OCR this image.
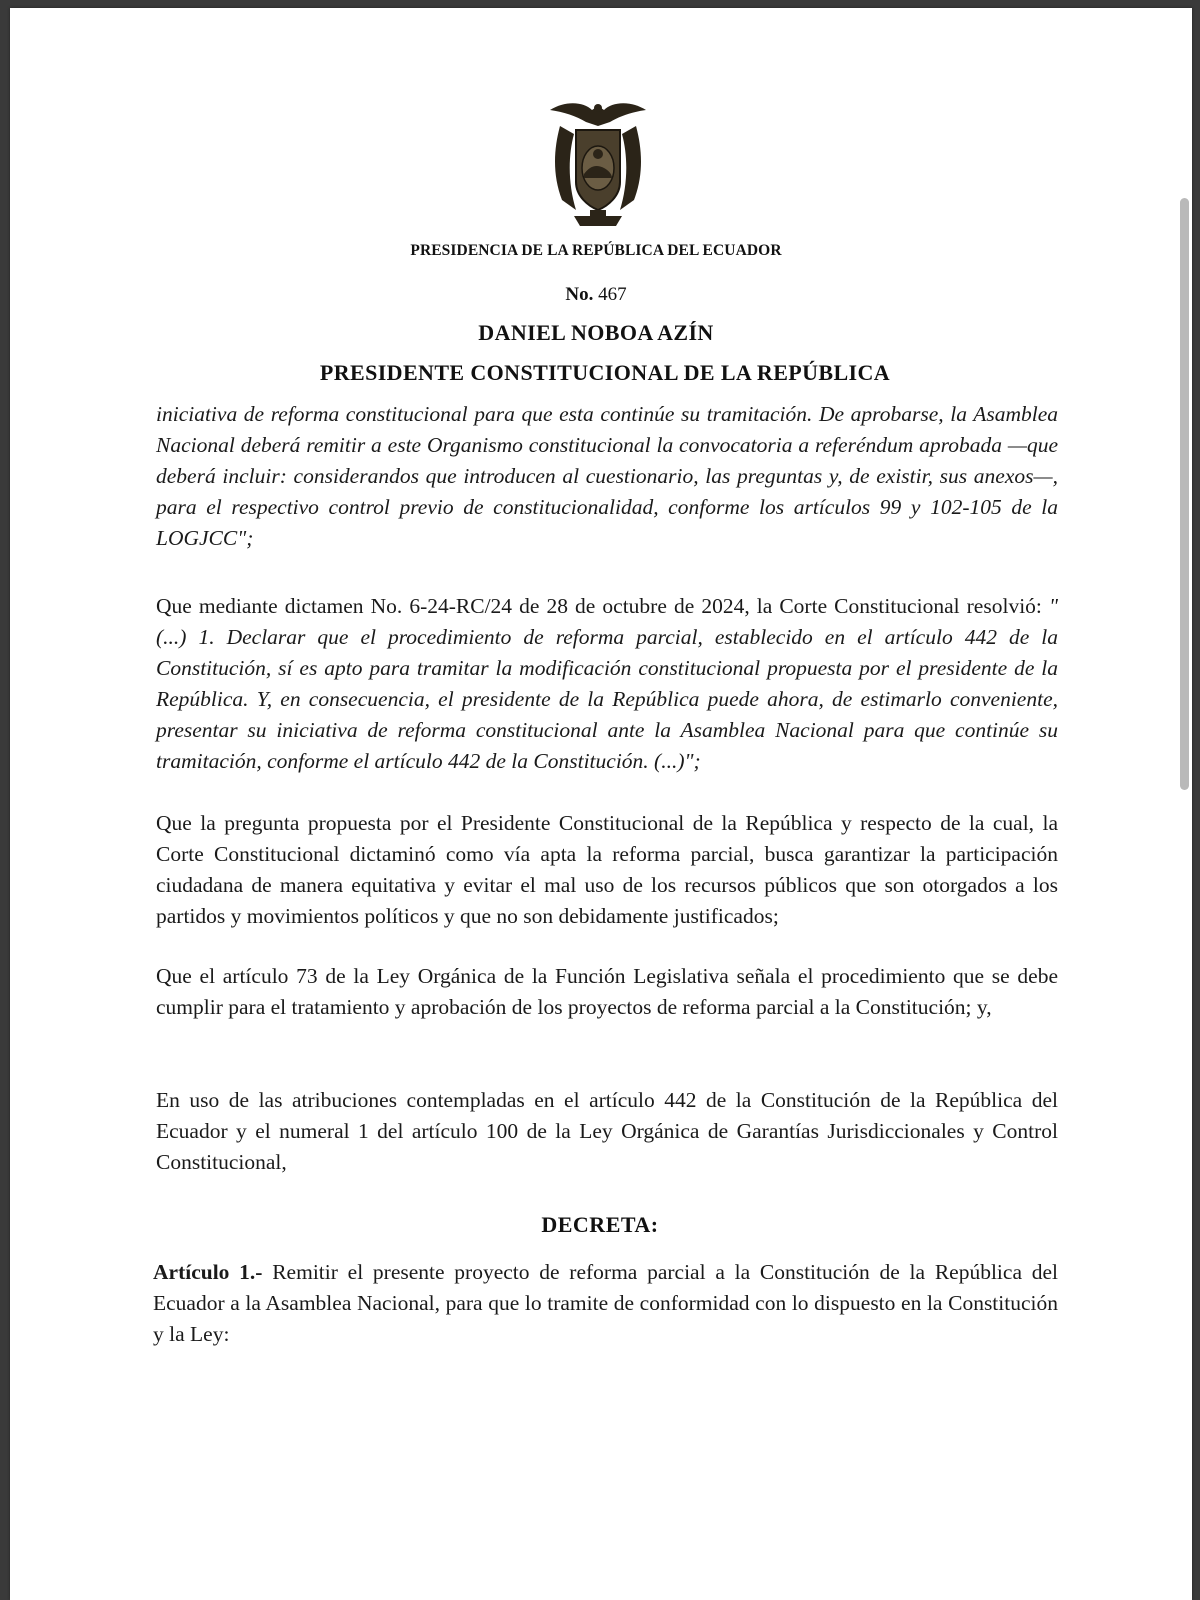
PRESIDENCIA DE LA REPÚBLICA DEL ECUADOR
No. 467
DANIEL NOBOA AZÍN
PRESIDENTE CONSTITUCIONAL DE LA REPÚBLICA

iniciativa de reforma constitucional para que esta continúe su tramitación. De aprobarse, la Asamblea Nacional deberá remitir a este Organismo constitucional la convocatoria a referéndum aprobada —que deberá incluir: considerandos que introducen al cuestionario, las preguntas y, de existir, sus anexos—, para el respectivo control previo de constitucionalidad, conforme los artículos 99 y 102-105 de la LOGJCC";

Que mediante dictamen No. 6-24-RC/24 de 28 de octubre de 2024, la Corte Constitucional resolvió: "(...) 1. Declarar que el procedimiento de reforma parcial, establecido en el artículo 442 de la Constitución, sí es apto para tramitar la modificación constitucional propuesta por el presidente de la República. Y, en consecuencia, el presidente de la República puede ahora, de estimarlo conveniente, presentar su iniciativa de reforma constitucional ante la Asamblea Nacional para que continúe su tramitación, conforme el artículo 442 de la Constitución. (...)";

Que la pregunta propuesta por el Presidente Constitucional de la República y respecto de la cual, la Corte Constitucional dictaminó como vía apta la reforma parcial, busca garantizar la participación ciudadana de manera equitativa y evitar el mal uso de los recursos públicos que son otorgados a los partidos y movimientos políticos y que no son debidamente justificados;

Que el artículo 73 de la Ley Orgánica de la Función Legislativa señala el procedimiento que se debe cumplir para el tratamiento y aprobación de los proyectos de reforma parcial a la Constitución; y,

En uso de las atribuciones contempladas en el artículo 442 de la Constitución de la República del Ecuador y el numeral 1 del artículo 100 de la Ley Orgánica de Garantías Jurisdiccionales y Control Constitucional,

DECRETA:

Artículo 1.- Remitir el presente proyecto de reforma parcial a la Constitución de la República del Ecuador a la Asamblea Nacional, para que lo tramite de conformidad con lo dispuesto en la Constitución y la Ley:
